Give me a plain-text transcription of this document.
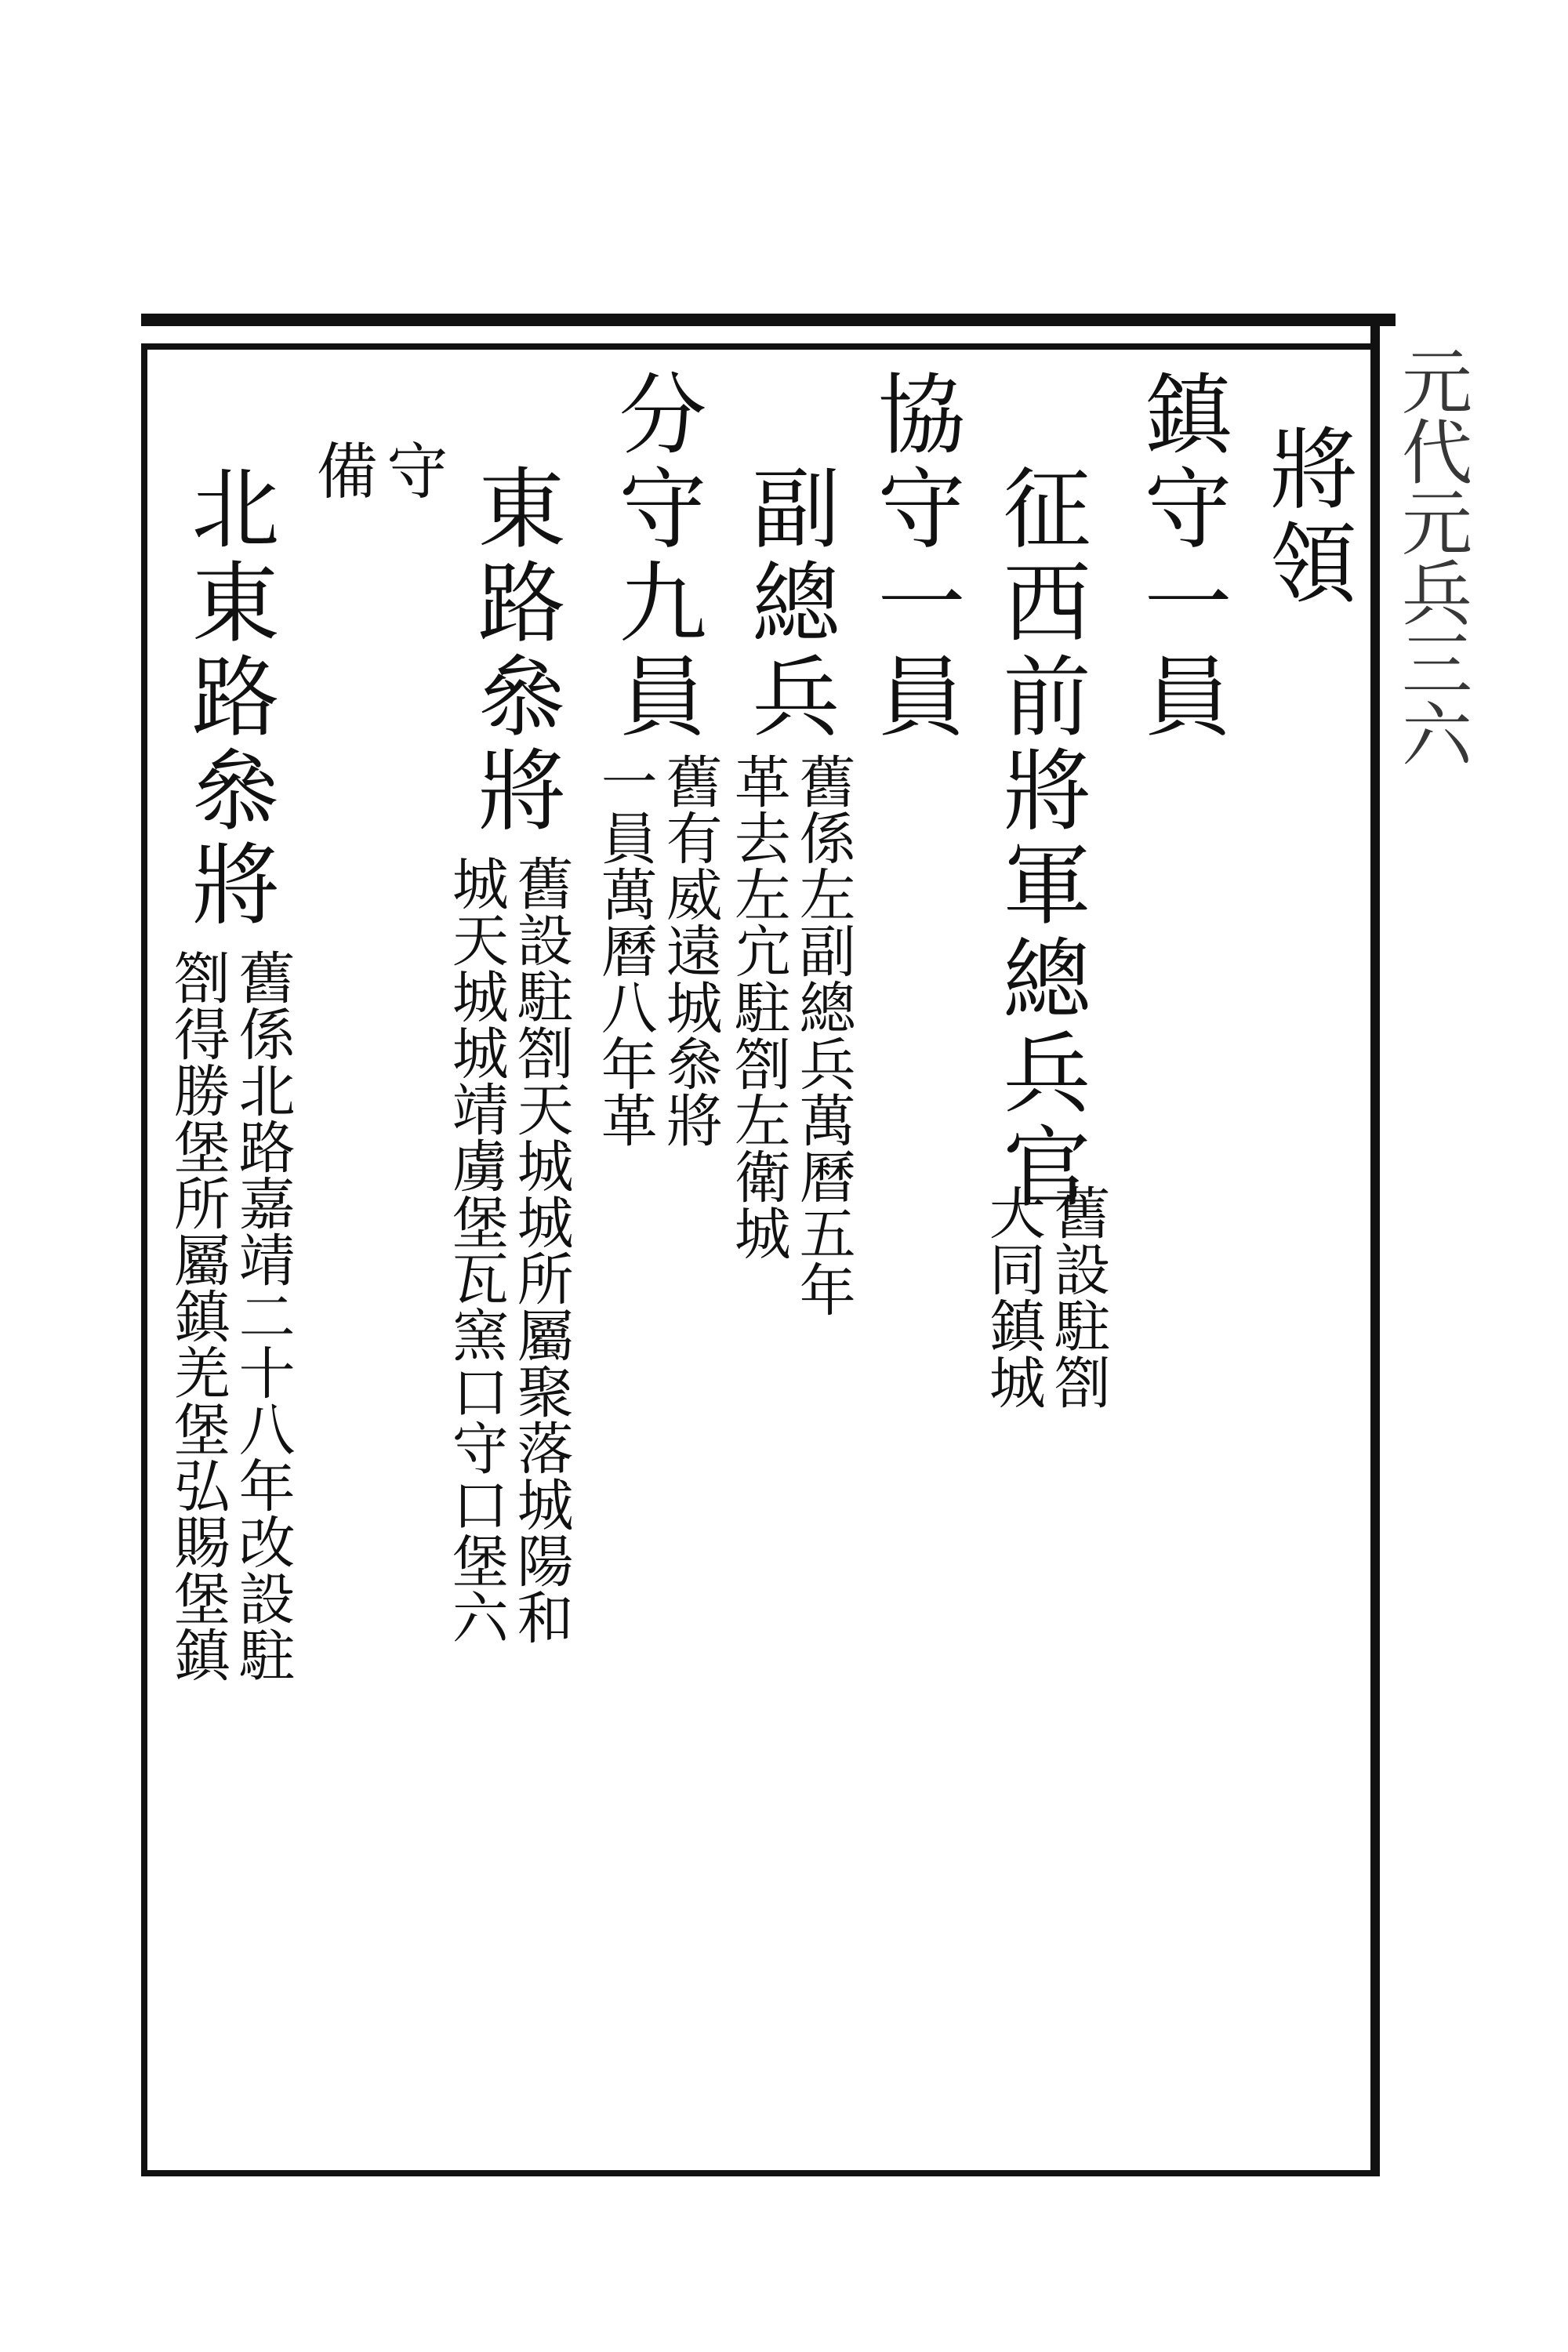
元代元兵三六
將領
鎮守一員
征西前將軍總兵官
舊設駐劄
大同鎮城
協守一員
副總兵
舊係左副總兵萬曆五年
革去左宂駐劄左衛城
分守九員
舊有威遠城叅將
一員萬曆八年革
東路叅將
舊設駐劄天城城所屬聚落城陽和
城天城城靖虜堡瓦窯口守口堡六
守
備
北東路叅將
舊係北路嘉靖二十八年改設駐
劄得勝堡所屬鎮羌堡弘賜堡鎮
